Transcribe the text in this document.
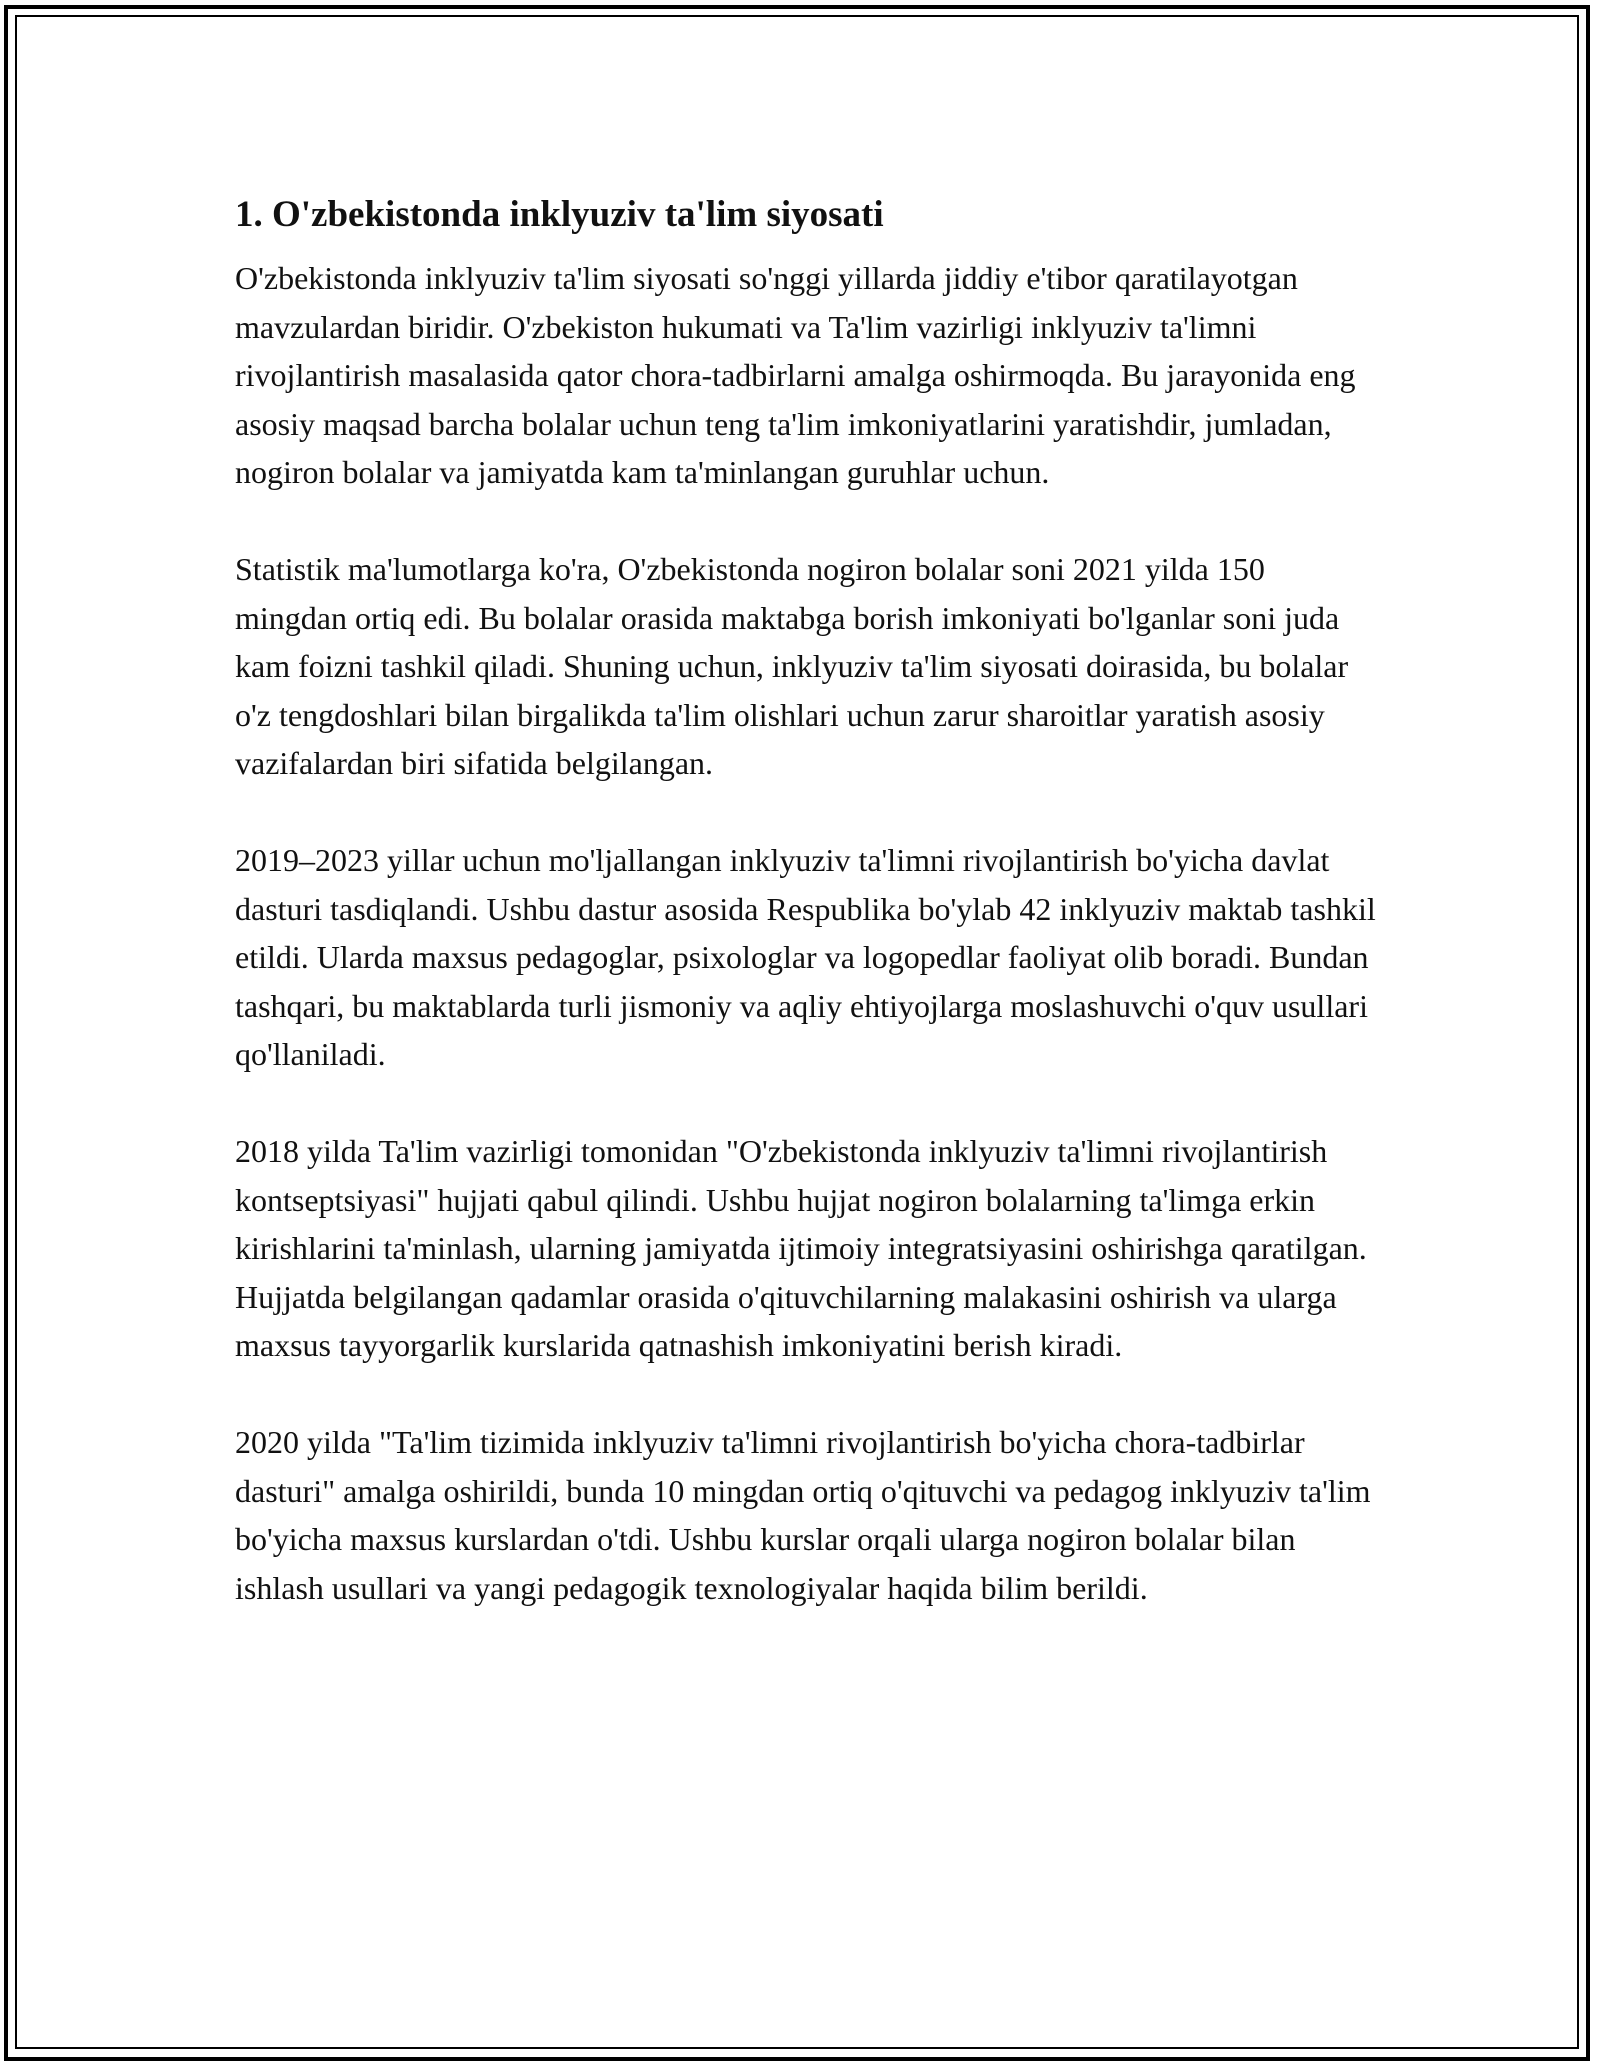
1. O'zbekistonda inklyuziv ta'lim siyosati

O'zbekistonda inklyuziv ta'lim siyosati so'nggi yillarda jiddiy e'tibor qaratilayotgan mavzulardan biridir. O'zbekiston hukumati va Ta'lim vazirligi inklyuziv ta'limni rivojlantirish masalasida qator chora-tadbirlarni amalga oshirmoqda. Bu jarayonida eng asosiy maqsad barcha bolalar uchun teng ta'lim imkoniyatlarini yaratishdir, jumladan, nogiron bolalar va jamiyatda kam ta'minlangan guruhlar uchun.

Statistik ma'lumotlarga ko'ra, O'zbekistonda nogiron bolalar soni 2021 yilda 150 mingdan ortiq edi. Bu bolalar orasida maktabga borish imkoniyati bo'lganlar soni juda kam foizni tashkil qiladi. Shuning uchun, inklyuziv ta'lim siyosati doirasida, bu bolalar o'z tengdoshlari bilan birgalikda ta'lim olishlari uchun zarur sharoitlar yaratish asosiy vazifalardan biri sifatida belgilangan.

2019–2023 yillar uchun mo'ljallangan inklyuziv ta'limni rivojlantirish bo'yicha davlat dasturi tasdiqlandi. Ushbu dastur asosida Respublika bo'ylab 42 inklyuziv maktab tashkil etildi. Ularda maxsus pedagoglar, psixologlar va logopedlar faoliyat olib boradi. Bundan tashqari, bu maktablarda turli jismoniy va aqliy ehtiyojlarga moslashuvchi o'quv usullari qo'llaniladi.

2018 yilda Ta'lim vazirligi tomonidan "O'zbekistonda inklyuziv ta'limni rivojlantirish kontseptsiyasi" hujjati qabul qilindi. Ushbu hujjat nogiron bolalarning ta'limga erkin kirishlarini ta'minlash, ularning jamiyatda ijtimoiy integratsiyasini oshirishga qaratilgan. Hujjatda belgilangan qadamlar orasida o'qituvchilarning malakasini oshirish va ularga maxsus tayyorgarlik kurslarida qatnashish imkoniyatini berish kiradi.

2020 yilda "Ta'lim tizimida inklyuziv ta'limni rivojlantirish bo'yicha chora-tadbirlar dasturi" amalga oshirildi, bunda 10 mingdan ortiq o'qituvchi va pedagog inklyuziv ta'lim bo'yicha maxsus kurslardan o'tdi. Ushbu kurslar orqali ularga nogiron bolalar bilan ishlash usullari va yangi pedagogik texnologiyalar haqida bilim berildi.
